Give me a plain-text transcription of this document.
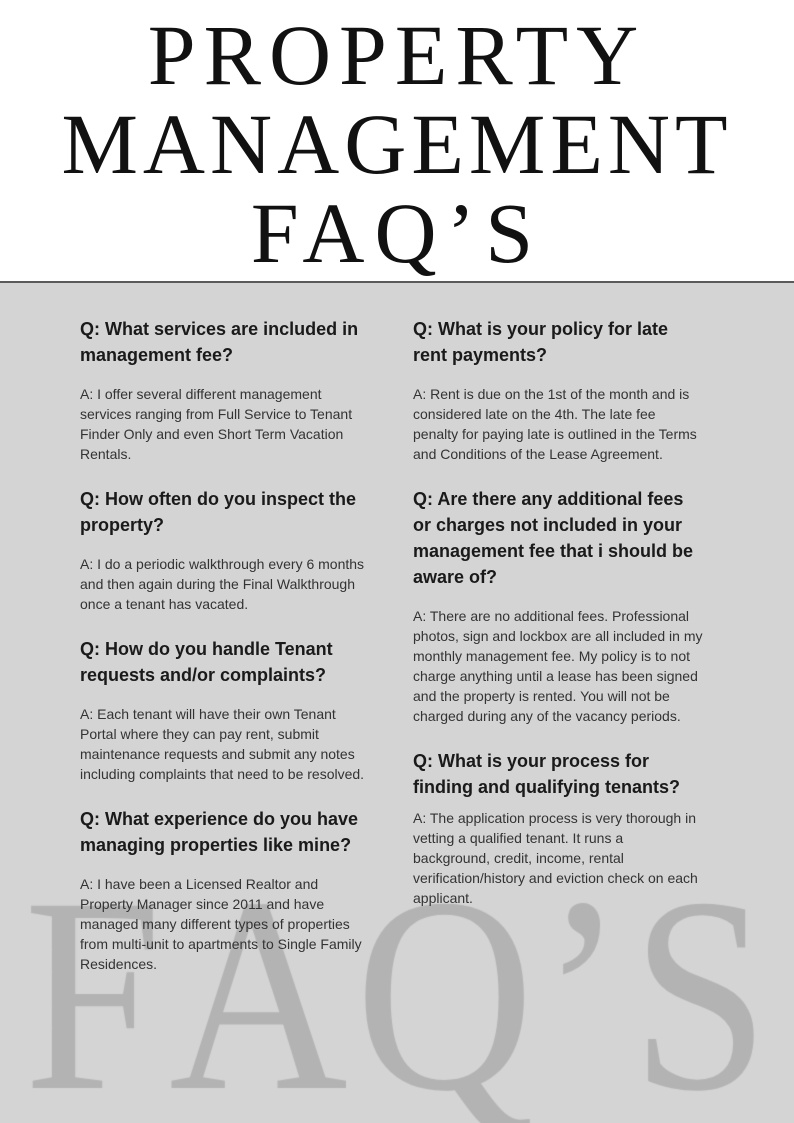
PROPERTY
MANAGEMENT
FAQ’S

Q: What services are included in management fee?

A: I offer several different management services ranging from Full Service to Tenant Finder Only and even Short Term Vacation Rentals.

Q: How often do you inspect the property?

A: I do a periodic walkthrough every 6 months and then again during the Final Walkthrough once a tenant has vacated.

Q: How do you handle Tenant requests and/or complaints?

A: Each tenant will have their own Tenant Portal where they can pay rent, submit maintenance requests and submit any notes including complaints that need to be resolved.

Q: What experience do you have managing properties like mine?

A: I have been a Licensed Realtor and Property Manager since 2011 and have managed many different types of properties from multi-unit to apartments to Single Family Residences.

Q: What is your policy for late rent payments?

A: Rent is due on the 1st of the month and is considered late on the 4th. The late fee penalty for paying late is outlined in the Terms and Conditions of the Lease Agreement.

Q: Are there any additional fees or charges not included in your management fee that i should be aware of?

A: There are no additional fees. Professional photos, sign and lockbox are all included in my monthly management fee. My policy is to not charge anything until a lease has been signed and the property is rented. You will not be charged during any of the vacancy periods.

Q: What is your process for finding and qualifying tenants?

A: The application process is very thorough in vetting a qualified tenant. It runs a background, credit, income, rental verification/history and eviction check on each applicant.
